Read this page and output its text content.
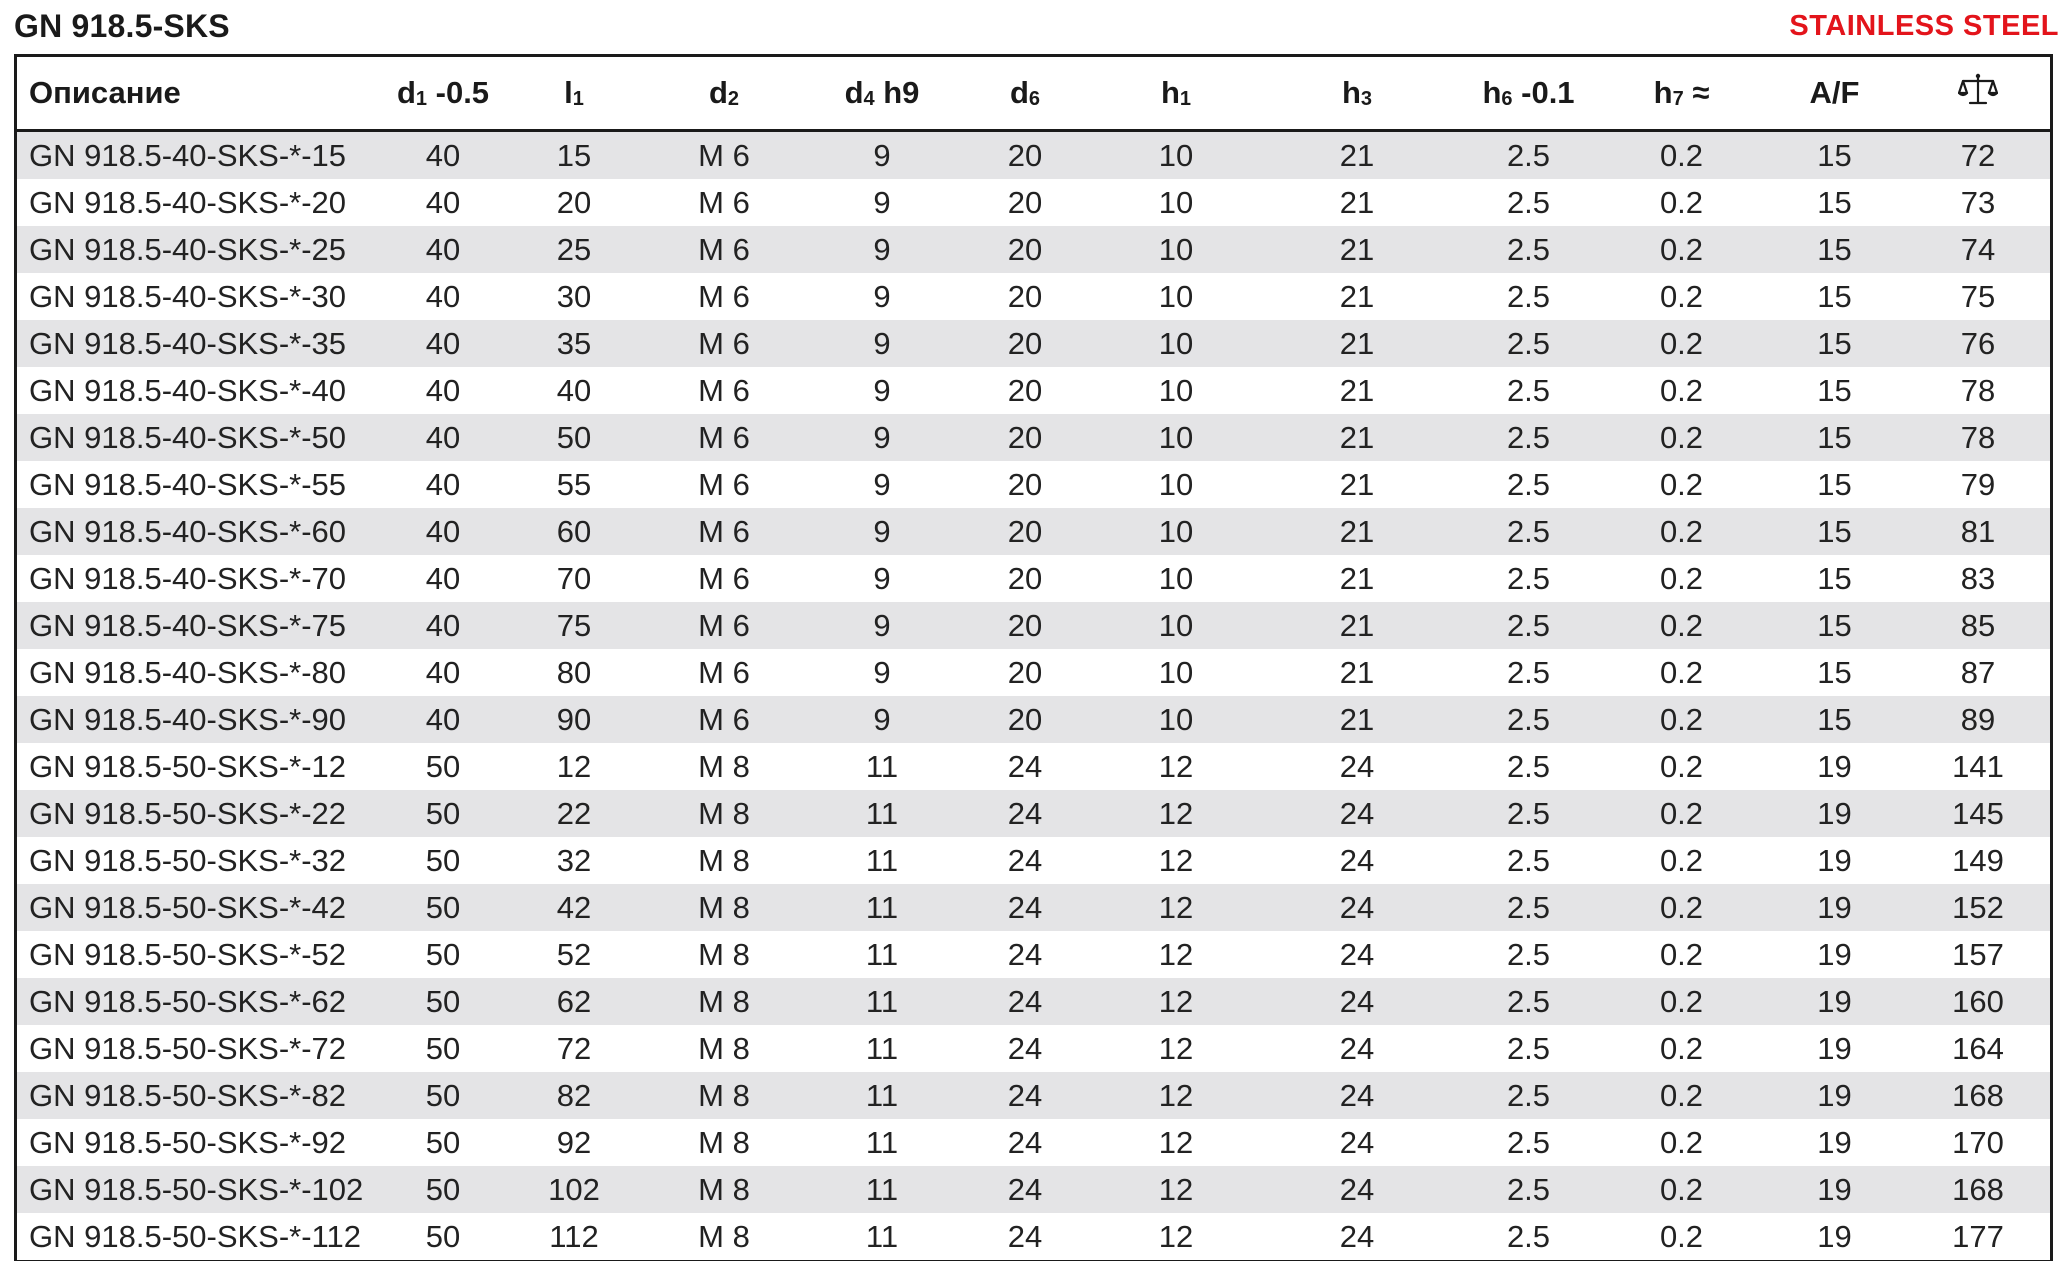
GN 918.5-SKS	STAINLESS STEEL
Описание	$d_1$ -0.5	$l_1$	$d_2$	$d_4$ h9	$d_6$	$h_1$	$h_3$	$h_6$ -0.1	$h_7$ ≈	A/F	
GN 918.5-40-SKS-*-15	40	15	M 6	9	20	10	21	2.5	0.2	15	72
GN 918.5-40-SKS-*-20	40	20	M 6	9	20	10	21	2.5	0.2	15	73
GN 918.5-40-SKS-*-25	40	25	M 6	9	20	10	21	2.5	0.2	15	74
GN 918.5-40-SKS-*-30	40	30	M 6	9	20	10	21	2.5	0.2	15	75
GN 918.5-40-SKS-*-35	40	35	M 6	9	20	10	21	2.5	0.2	15	76
GN 918.5-40-SKS-*-40	40	40	M 6	9	20	10	21	2.5	0.2	15	78
GN 918.5-40-SKS-*-50	40	50	M 6	9	20	10	21	2.5	0.2	15	78
GN 918.5-40-SKS-*-55	40	55	M 6	9	20	10	21	2.5	0.2	15	79
GN 918.5-40-SKS-*-60	40	60	M 6	9	20	10	21	2.5	0.2	15	81
GN 918.5-40-SKS-*-70	40	70	M 6	9	20	10	21	2.5	0.2	15	83
GN 918.5-40-SKS-*-75	40	75	M 6	9	20	10	21	2.5	0.2	15	85
GN 918.5-40-SKS-*-80	40	80	M 6	9	20	10	21	2.5	0.2	15	87
GN 918.5-40-SKS-*-90	40	90	M 6	9	20	10	21	2.5	0.2	15	89
GN 918.5-50-SKS-*-12	50	12	M 8	11	24	12	24	2.5	0.2	19	141
GN 918.5-50-SKS-*-22	50	22	M 8	11	24	12	24	2.5	0.2	19	145
GN 918.5-50-SKS-*-32	50	32	M 8	11	24	12	24	2.5	0.2	19	149
GN 918.5-50-SKS-*-42	50	42	M 8	11	24	12	24	2.5	0.2	19	152
GN 918.5-50-SKS-*-52	50	52	M 8	11	24	12	24	2.5	0.2	19	157
GN 918.5-50-SKS-*-62	50	62	M 8	11	24	12	24	2.5	0.2	19	160
GN 918.5-50-SKS-*-72	50	72	M 8	11	24	12	24	2.5	0.2	19	164
GN 918.5-50-SKS-*-82	50	82	M 8	11	24	12	24	2.5	0.2	19	168
GN 918.5-50-SKS-*-92	50	92	M 8	11	24	12	24	2.5	0.2	19	170
GN 918.5-50-SKS-*-102	50	102	M 8	11	24	12	24	2.5	0.2	19	168
GN 918.5-50-SKS-*-112	50	112	M 8	11	24	12	24	2.5	0.2	19	177
